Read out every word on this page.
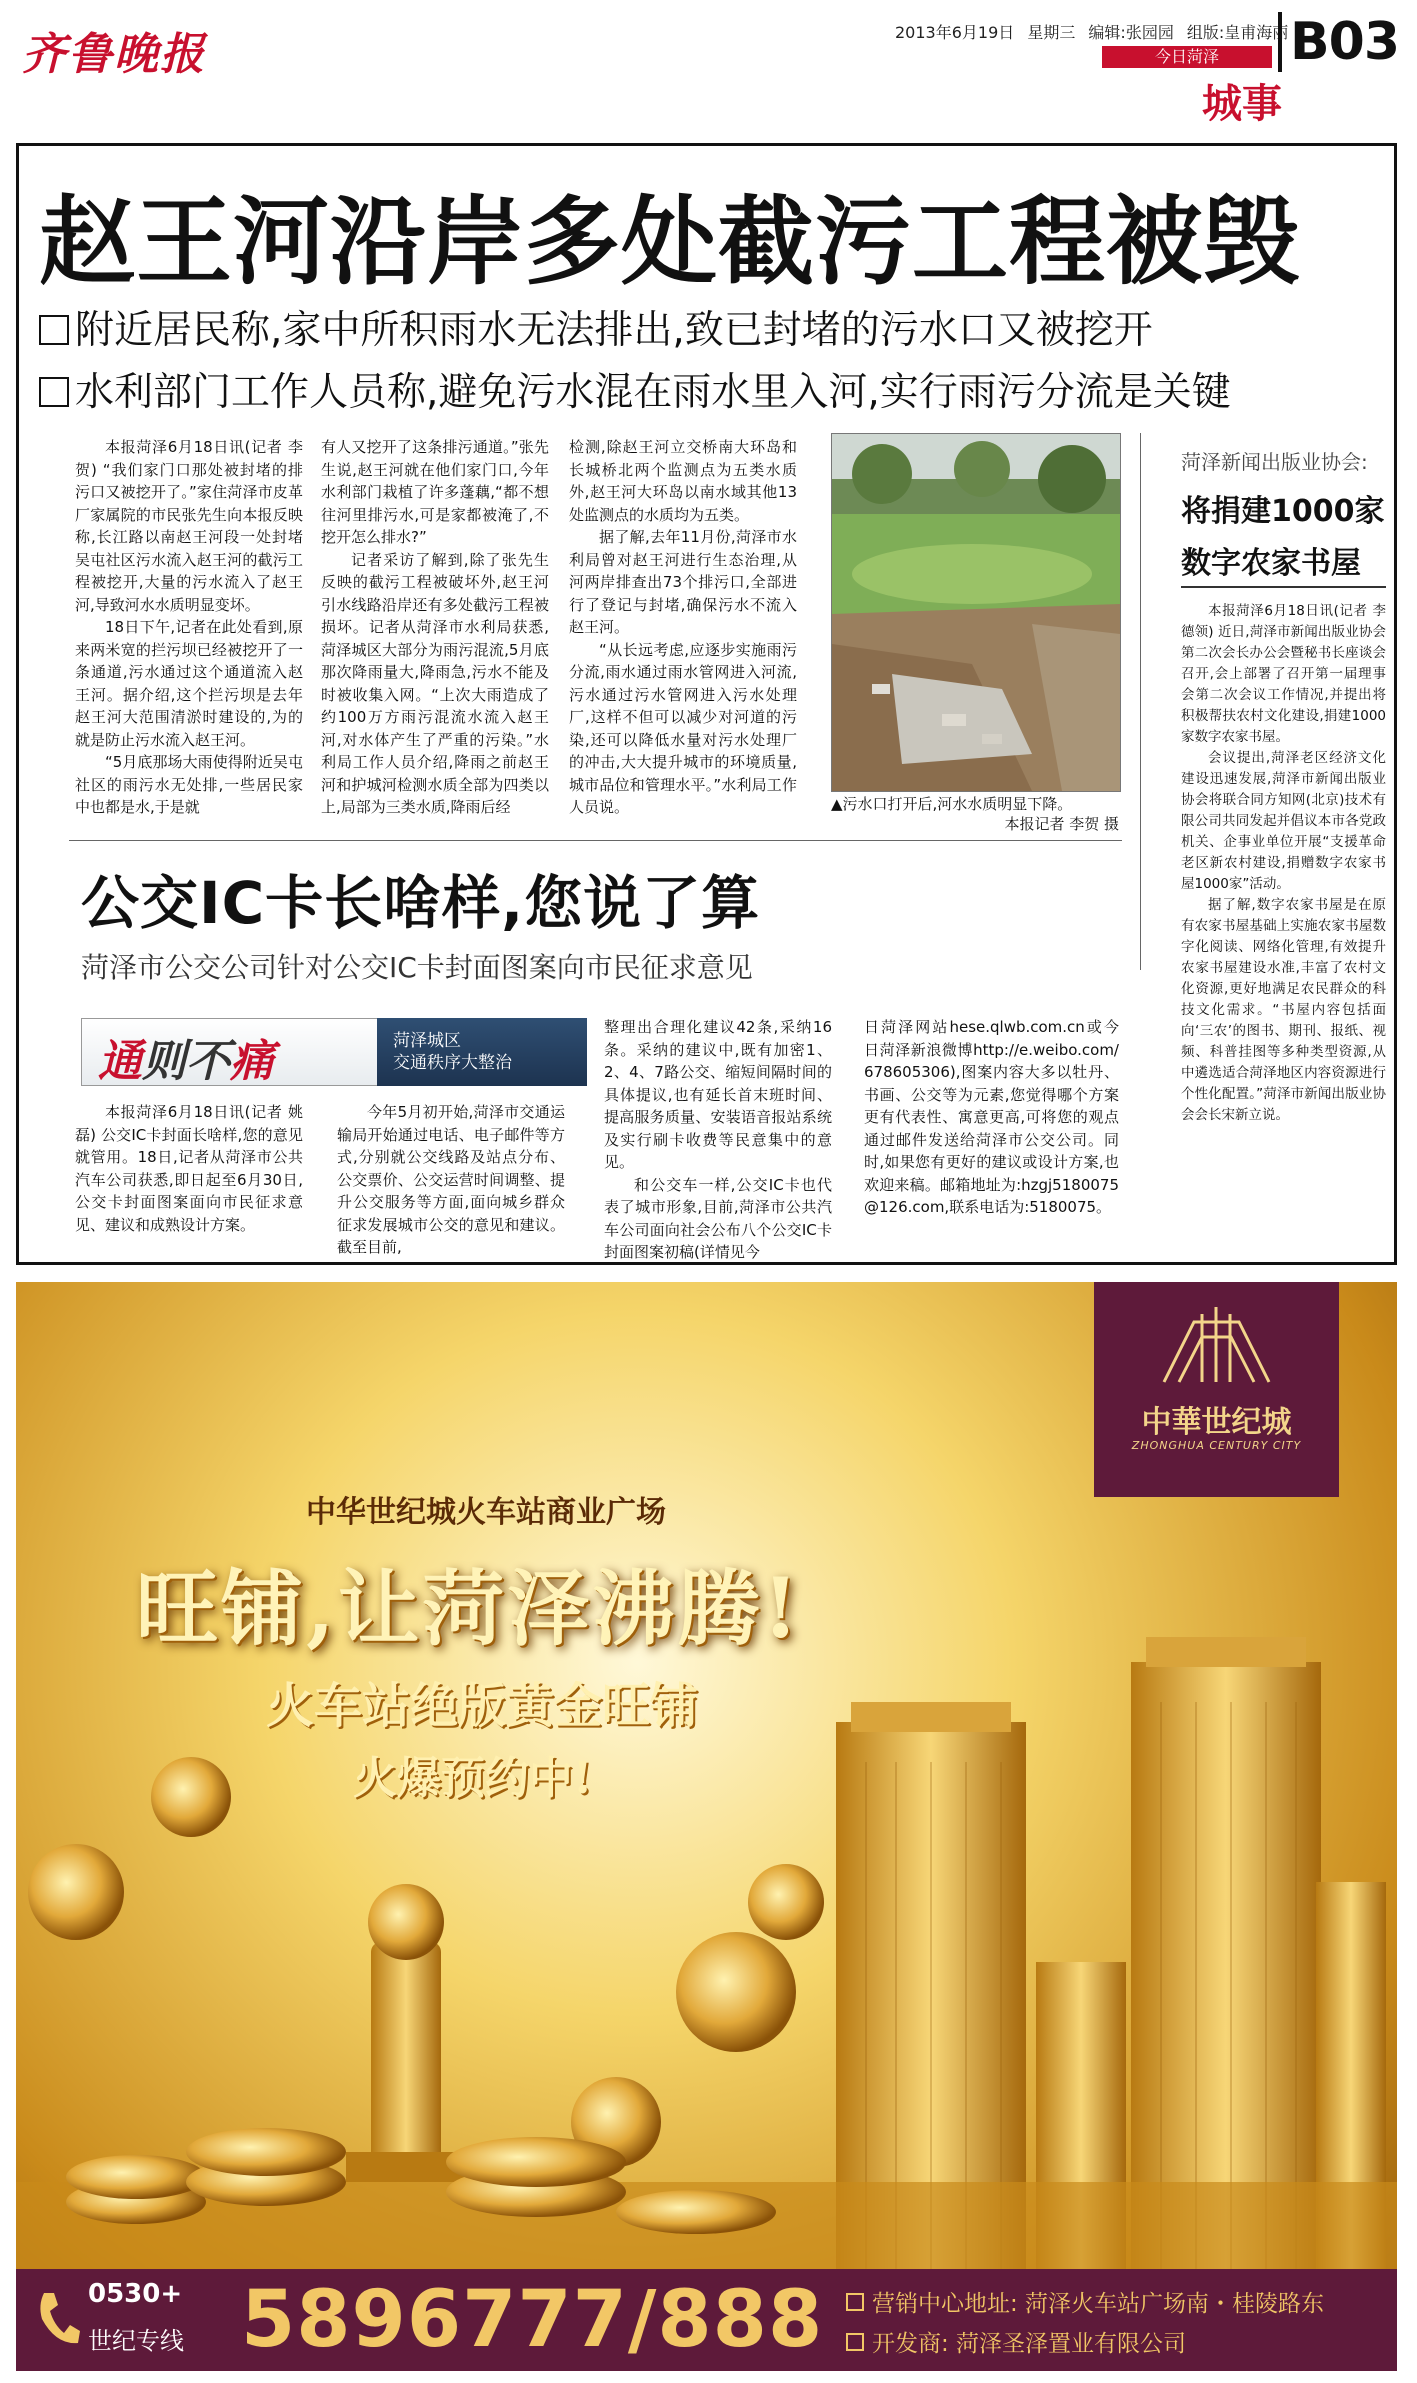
齐鲁晚报	2013年6月19日 星期三 编辑:张园园 组版:皇甫海丽
今日菏泽
城事
B03
赵王河沿岸多处截污工程被毁
附近居民称,家中所积雨水无法排出,致已封堵的污水口又被挖开
水利部门工作人员称,避免污水混在雨水里入河,实行雨污分流是关键

本报菏泽6月18日讯(记者 李贺) “我们家门口那处被封堵的排污口又被挖开了。”家住菏泽市皮革厂家属院的市民张先生向本报反映称,长江路以南赵王河段一处封堵吴屯社区污水流入赵王河的截污工程被挖开,大量的污水流入了赵王河,导致河水水质明显变坏。

18日下午,记者在此处看到,原来两米宽的拦污坝已经被挖开了一条通道,污水通过这个通道流入赵王河。据介绍,这个拦污坝是去年赵王河大范围清淤时建设的,为的就是防止污水流入赵王河。

“5月底那场大雨使得附近吴屯社区的雨污水无处排,一些居民家中也都是水,于是就

有人又挖开了这条排污通道。”张先生说,赵王河就在他们家门口,今年水利部门栽植了许多蓬藕,“都不想往河里排污水,可是家都被淹了,不挖开怎么排水?”

记者采访了解到,除了张先生反映的截污工程被破坏外,赵王河引水线路沿岸还有多处截污工程被损坏。记者从菏泽市水利局获悉,菏泽城区大部分为雨污混流,5月底那次降雨量大,降雨急,污水不能及时被收集入网。“上次大雨造成了约100万方雨污混流水流入赵王河,对水体产生了严重的污染。”水利局工作人员介绍,降雨之前赵王河和护城河检测水质全部为四类以上,局部为三类水质,降雨后经

检测,除赵王河立交桥南大环岛和长城桥北两个监测点为五类水质外,赵王河大环岛以南水域其他13处监测点的水质均为五类。

据了解,去年11月份,菏泽市水利局曾对赵王河进行生态治理,从河两岸排查出73个排污口,全部进行了登记与封堵,确保污水不流入赵王河。

“从长远考虑,应逐步实施雨污分流,雨水通过雨水管网进入河流,污水通过污水管网进入污水处理厂,这样不但可以减少对河道的污染,还可以降低水量对污水处理厂的冲击,大大提升城市的环境质量,城市品位和管理水平。”水利局工作人员说。	▲污水口打开后,河水水质明显下降。
本报记者 李贺 摄
菏泽新闻出版业协会:
将捐建1000家
数字农家书屋

本报菏泽6月18日讯(记者 李德领) 近日,菏泽市新闻出版业协会第二次会长办公会暨秘书长座谈会召开,会上部署了召开第一届理事会第二次会议工作情况,并提出将积极帮扶农村文化建设,捐建1000家数字农家书屋。

会议提出,菏泽老区经济文化建设迅速发展,菏泽市新闻出版业协会将联合同方知网(北京)技术有限公司共同发起并倡议本市各党政机关、企事业单位开展“支援革命老区新农村建设,捐赠数字农家书屋1000家”活动。

据了解,数字农家书屋是在原有农家书屋基础上实施农家书屋数字化阅读、网络化管理,有效提升农家书屋建设水准,丰富了农村文化资源,更好地满足农民群众的科技文化需求。“书屋内容包括面向‘三农’的图书、期刊、报纸、视频、科普挂图等多种类型资源,从中遴选适合菏泽地区内容资源进行个性化配置。”菏泽市新闻出版业协会会长宋新立说。

公交IC卡长啥样,您说了算
菏泽市公交公司针对公交IC卡封面图案向市民征求意见
通则不痛	菏泽城区
交通秩序大整治

本报菏泽6月18日讯(记者 姚磊) 公交IC卡封面长啥样,您的意见就管用。18日,记者从菏泽市公共汽车公司获悉,即日起至6月30日,公交卡封面图案面向市民征求意见、建议和成熟设计方案。

今年5月初开始,菏泽市交通运输局开始通过电话、电子邮件等方式,分别就公交线路及站点分布、公交票价、公交运营时间调整、提升公交服务等方面,面向城乡群众征求发展城市公交的意见和建议。截至目前,

整理出合理化建议42条,采纳16条。采纳的建议中,既有加密1、2、4、7路公交、缩短间隔时间的具体提议,也有延长首末班时间、提高服务质量、安装语音报站系统及实行刷卡收费等民意集中的意见。

和公交车一样,公交IC卡也代表了城市形象,目前,菏泽市公共汽车公司面向社会公布八个公交IC卡封面图案初稿(详情见今

日菏泽网站hese.qlwb.com.cn或今日菏泽新浪微博http://e.weibo.com/678605306),图案内容大多以牡丹、书画、公交等为元素,您觉得哪个方案更有代表性、寓意更高,可将您的观点通过邮件发送给菏泽市公交公司。同时,如果您有更好的建议或设计方案,也欢迎来稿。邮箱地址为:hzgj5180075@126.com,联系电话为:5180075。

中華世纪城
ZHONGHUA CENTURY CITY
中华世纪城火车站商业广场
旺铺,让菏泽沸腾!
火车站绝版黄金旺铺
火爆预约中!
0530+
世纪专线 5896777/888	营销中心地址: 菏泽火车站广场南・桂陵路东
开发商: 菏泽圣泽置业有限公司
